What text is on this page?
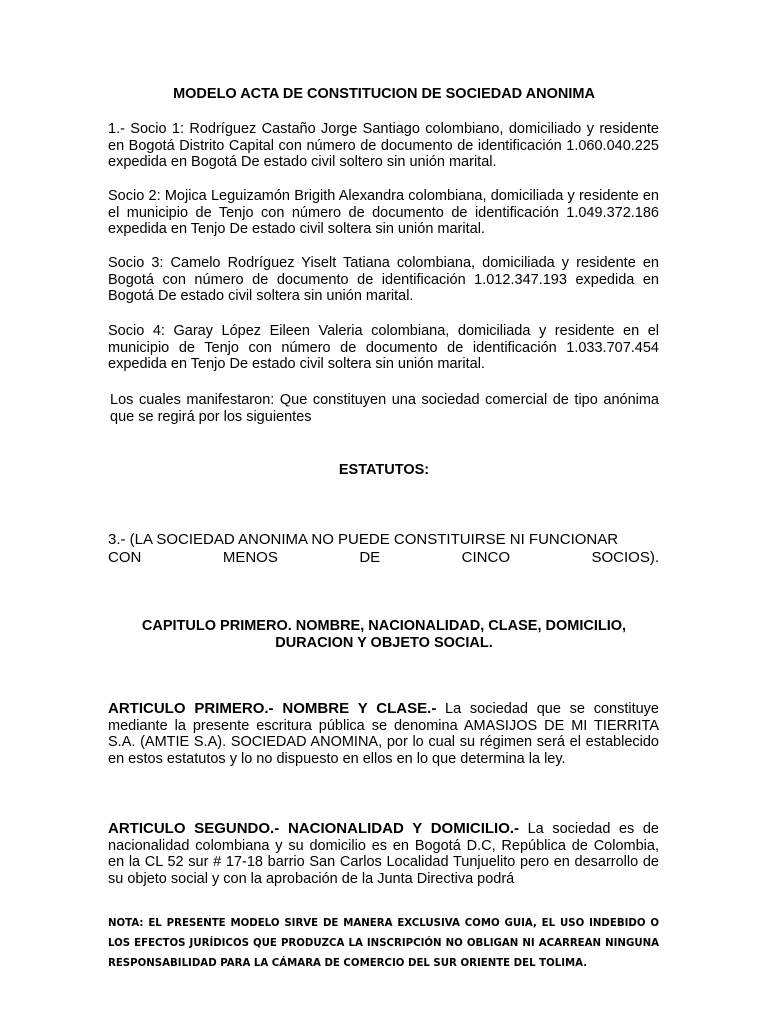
MODELO ACTA DE CONSTITUCION DE SOCIEDAD ANONIMA
1.- Socio 1: Rodríguez Castaño Jorge Santiago colombiano, domiciliado y residente en Bogotá Distrito Capital con número de documento de identificación 1.060.040.225 expedida en Bogotá De estado civil soltero sin unión marital.
Socio 2: Mojica Leguizamón Brigith Alexandra colombiana, domiciliada y residente en el municipio de Tenjo con número de documento de identificación 1.049.372.186 expedida en Tenjo De estado civil soltera sin unión marital.
Socio 3: Camelo Rodríguez Yiselt Tatiana colombiana, domiciliada y residente en Bogotá con número de documento de identificación 1.012.347.193 expedida en Bogotá De estado civil soltera sin unión marital.
Socio 4: Garay López Eileen Valeria colombiana, domiciliada y residente en el municipio de Tenjo con número de documento de identificación 1.033.707.454 expedida en Tenjo De estado civil soltera sin unión marital.
Los cuales manifestaron: Que constituyen una sociedad comercial de tipo anónima que se regirá por los siguientes
ESTATUTOS:
3.- (LA SOCIEDAD ANONIMA NO PUEDE CONSTITUIRSE NI FUNCIONAR
CON	MENOS	DE	CINCO	SOCIOS).
CAPITULO PRIMERO. NOMBRE, NACIONALIDAD, CLASE, DOMICILIO,
DURACION Y OBJETO SOCIAL.
ARTICULO PRIMERO.- NOMBRE Y CLASE.- La sociedad que se constituye mediante la presente escritura pública se denomina AMASIJOS DE MI TIERRITA S.A. (AMTIE S.A). SOCIEDAD ANOMINA, por lo cual su régimen será el establecido en estos estatutos y lo no dispuesto en ellos en lo que determina la ley.
ARTICULO SEGUNDO.- NACIONALIDAD Y DOMICILIO.- La sociedad es de nacionalidad colombiana y su domicilio es en Bogotá D.C, República de Colombia, en la CL 52 sur # 17-18 barrio San Carlos Localidad Tunjuelito pero en desarrollo de su objeto social y con la aprobación de la Junta Directiva podrá
NOTA: EL PRESENTE MODELO SIRVE DE MANERA EXCLUSIVA COMO GUIA, EL USO INDEBIDO O LOS EFECTOS JURÍDICOS QUE PRODUZCA LA INSCRIPCIÓN NO OBLIGAN NI ACARREAN NINGUNA RESPONSABILIDAD PARA LA CÁMARA DE COMERCIO DEL SUR ORIENTE DEL TOLIMA.
